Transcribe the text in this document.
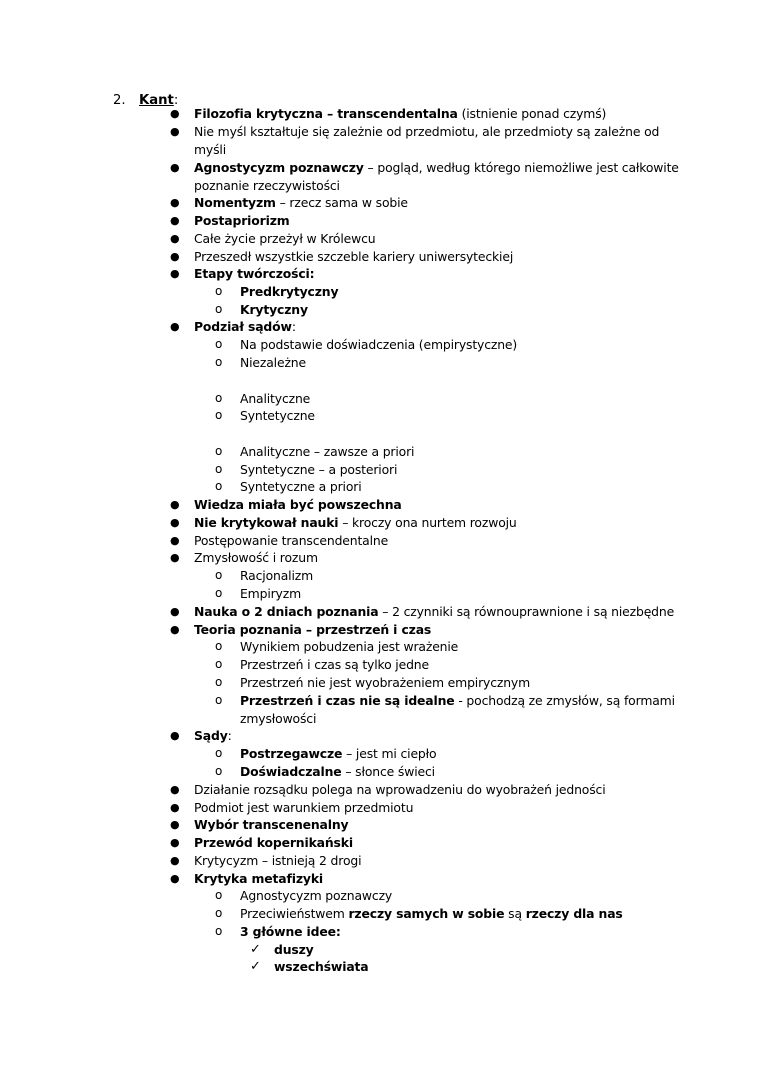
2. Kant:
● Filozofia krytyczna – transcendentalna (istnienie ponad czymś)
● Nie myśl kształtuje się zależnie od przedmiotu, ale przedmioty są zależne od
myśli
● Agnostycyzm poznawczy – pogląd, według którego niemożliwe jest całkowite
poznanie rzeczywistości
● Nomentyzm – rzecz sama w sobie
● Postapriorizm
● Całe życie przeżył w Królewcu
● Przeszedł wszystkie szczeble kariery uniwersyteckiej
● Etapy twórczości:
o Predkrytyczny
o Krytyczny
● Podział sądów:
o Na podstawie doświadczenia (empirystyczne)
o Niezależne
o Analityczne
o Syntetyczne
o Analityczne – zawsze a priori
o Syntetyczne – a posteriori
o Syntetyczne a priori
● Wiedza miała być powszechna
● Nie krytykował nauki – kroczy ona nurtem rozwoju
● Postępowanie transcendentalne
● Zmysłowość i rozum
o Racjonalizm
o Empiryzm
● Nauka o 2 dniach poznania – 2 czynniki są równouprawnione i są niezbędne
● Teoria poznania – przestrzeń i czas
o Wynikiem pobudzenia jest wrażenie
o Przestrzeń i czas są tylko jedne
o Przestrzeń nie jest wyobrażeniem empirycznym
o Przestrzeń i czas nie są idealne - pochodzą ze zmysłów, są formami
zmysłowości
● Sądy:
o Postrzegawcze – jest mi ciepło
o Doświadczalne – słonce świeci
● Działanie rozsądku polega na wprowadzeniu do wyobrażeń jedności
● Podmiot jest warunkiem przedmiotu
● Wybór transcenenalny
● Przewód kopernikański
● Krytycyzm – istnieją 2 drogi
● Krytyka metafizyki
o Agnostycyzm poznawczy
o Przeciwieństwem rzeczy samych w sobie są rzeczy dla nas
o 3 główne idee:
✓ duszy
✓ wszechświata
